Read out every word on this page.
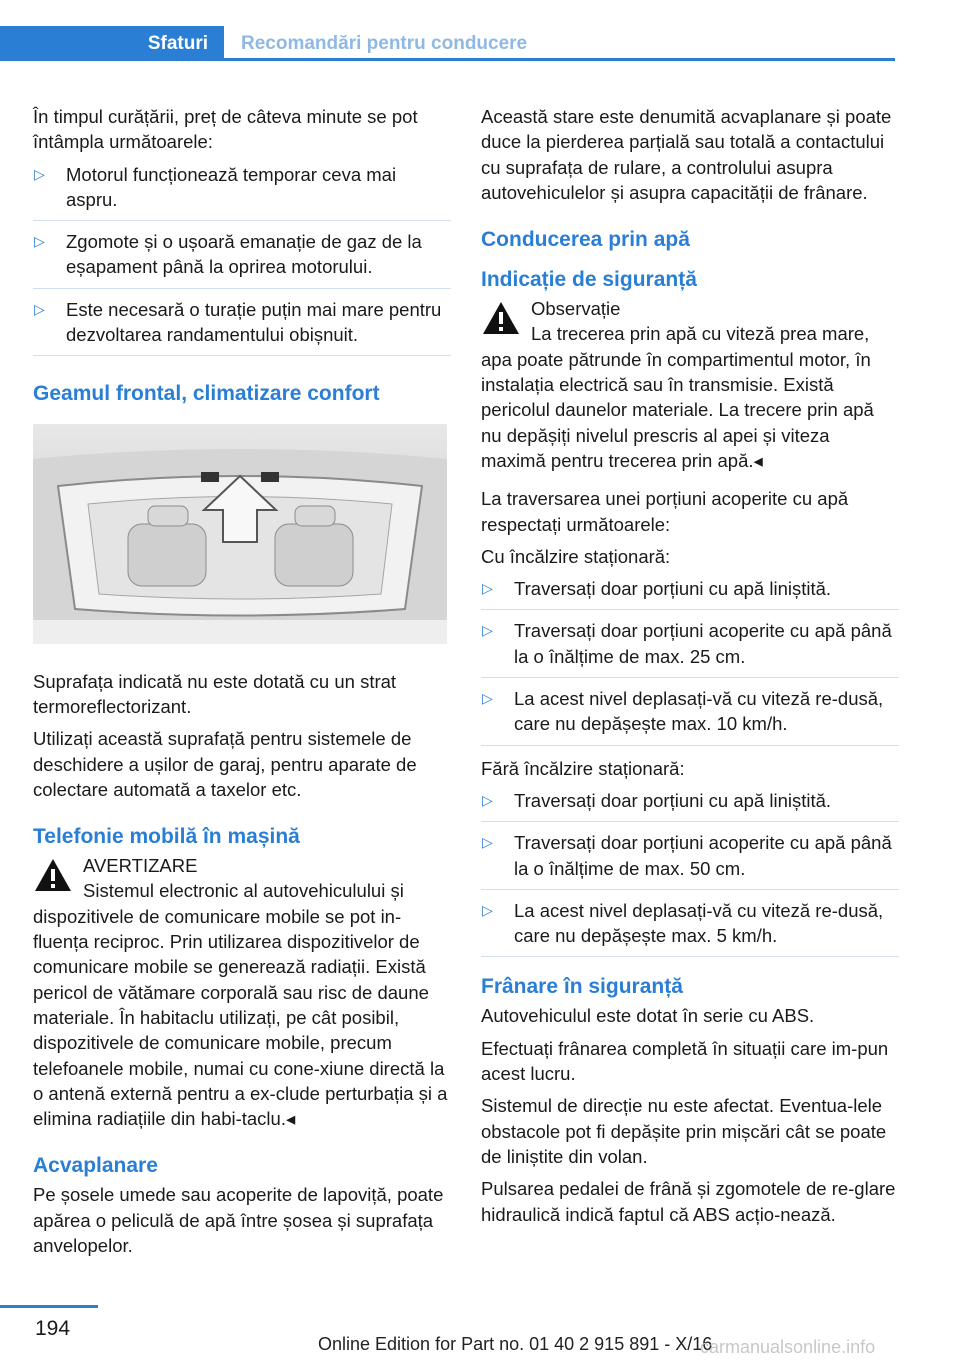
Sfaturi Recomandări pentru conducere

În timpul curățării, preț de câteva minute se pot întâmpla următoarele:

▷ Motorul funcționează temporar ceva mai aspru.
▷ Zgomote și o ușoară emanație de gaz de la eșapament până la oprirea motorului.
▷ Este necesară o turație puțin mai mare pentru dezvoltarea randamentului obișnuit.
Geamul frontal, climatizare confort

Suprafața indicată nu este dotată cu un strat termoreflectorizant.

Utilizați această suprafață pentru sistemele de deschidere a ușilor de garaj, pentru aparate de colectare automată a taxelor etc.

Telefonie mobilă în mașină
AVERTIZARE

Sistemul electronic al autovehiculului și dispozitivele de comunicare mobile se pot in-fluența reciproc. Prin utilizarea dispozitivelor de comunicare mobile se generează radiații. Există pericol de vătămare corporală sau risc de daune materiale. În habitaclu utilizați, pe cât posibil, dispozitivele de comunicare mobile, precum telefoanele mobile, numai cu cone-xiune directă la o antenă externă pentru a ex-clude perturbația și a elimina radiațiile din habi-taclu.◂

Acvaplanare

Pe șosele umede sau acoperite de lapoviță, poate apărea o peliculă de apă între șosea și suprafața anvelopelor.

Această stare este denumită acvaplanare și poate duce la pierderea parțială sau totală a contactului cu suprafața de rulare, a controlului asupra autovehiculelor și asupra capacității de frânare.

Conducerea prin apă
Indicație de siguranță
Observație

La trecerea prin apă cu viteză prea mare, apa poate pătrunde în compartimentul motor, în instalația electrică sau în transmisie. Există pericolul daunelor materiale. La trecere prin apă nu depășiți nivelul prescris al apei și viteza maximă pentru trecerea prin apă.◂

La traversarea unei porțiuni acoperite cu apă respectați următoarele:

Cu încălzire staționară:

▷ Traversați doar porțiuni cu apă liniștită.
▷ Traversați doar porțiuni acoperite cu apă până la o înălțime de max. 25 cm.
▷ La acest nivel deplasați-vă cu viteză re-dusă, care nu depășește max. 10 km/h.

Fără încălzire staționară:

▷ Traversați doar porțiuni cu apă liniștită.
▷ Traversați doar porțiuni acoperite cu apă până la o înălțime de max. 50 cm.
▷ La acest nivel deplasați-vă cu viteză re-dusă, care nu depășește max. 5 km/h.
Frânare în siguranță

Autovehiculul este dotat în serie cu ABS.

Efectuați frânarea completă în situații care im-pun acest lucru.

Sistemul de direcție nu este afectat. Eventua-lele obstacole pot fi depășite prin mișcări cât se poate de liniștite din volan.

Pulsarea pedalei de frână și zgomotele de re-glare hidraulică indică faptul că ABS acțio-nează.

194
Online Edition for Part no. 01 40 2 915 891 - X/16
carmanualsonline.info
